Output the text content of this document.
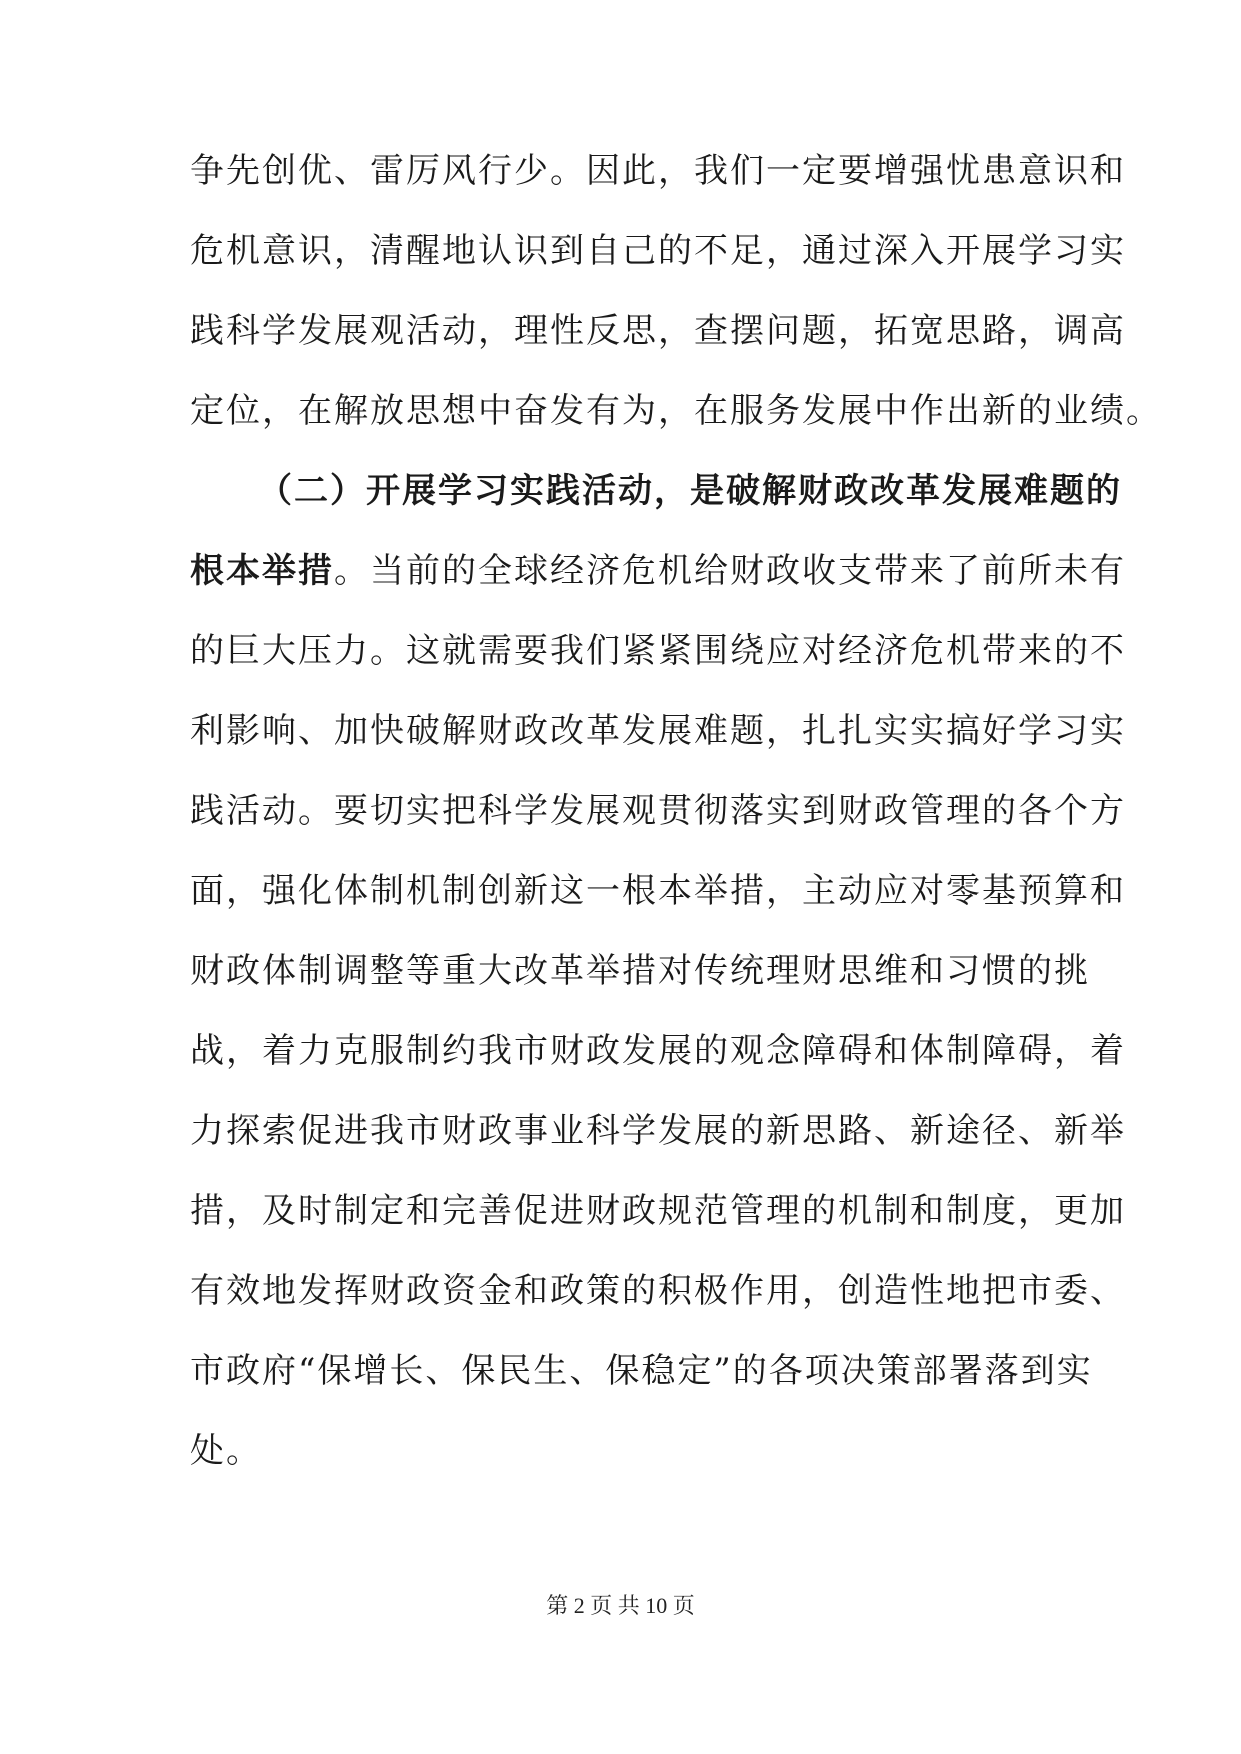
争先创优、雷厉风行少。因此，我们一定要增强忧患意识和
危机意识，清醒地认识到自己的不足，通过深入开展学习实
践科学发展观活动，理性反思，查摆问题，拓宽思路，调高
定位，在解放思想中奋发有为，在服务发展中作出新的业绩。
（二）开展学习实践活动，是破解财政改革发展难题的
根本举措。当前的全球经济危机给财政收支带来了前所未有
的巨大压力。这就需要我们紧紧围绕应对经济危机带来的不
利影响、加快破解财政改革发展难题，扎扎实实搞好学习实
践活动。要切实把科学发展观贯彻落实到财政管理的各个方
面，强化体制机制创新这一根本举措，主动应对零基预算和
财政体制调整等重大改革举措对传统理财思维和习惯的挑
战，着力克服制约我市财政发展的观念障碍和体制障碍，着
力探索促进我市财政事业科学发展的新思路、新途径、新举
措，及时制定和完善促进财政规范管理的机制和制度，更加
有效地发挥财政资金和政策的积极作用，创造性地把市委、
市政府“保增长、保民生、保稳定”的各项决策部署落到实
处。
第 2 页 共 10 页
